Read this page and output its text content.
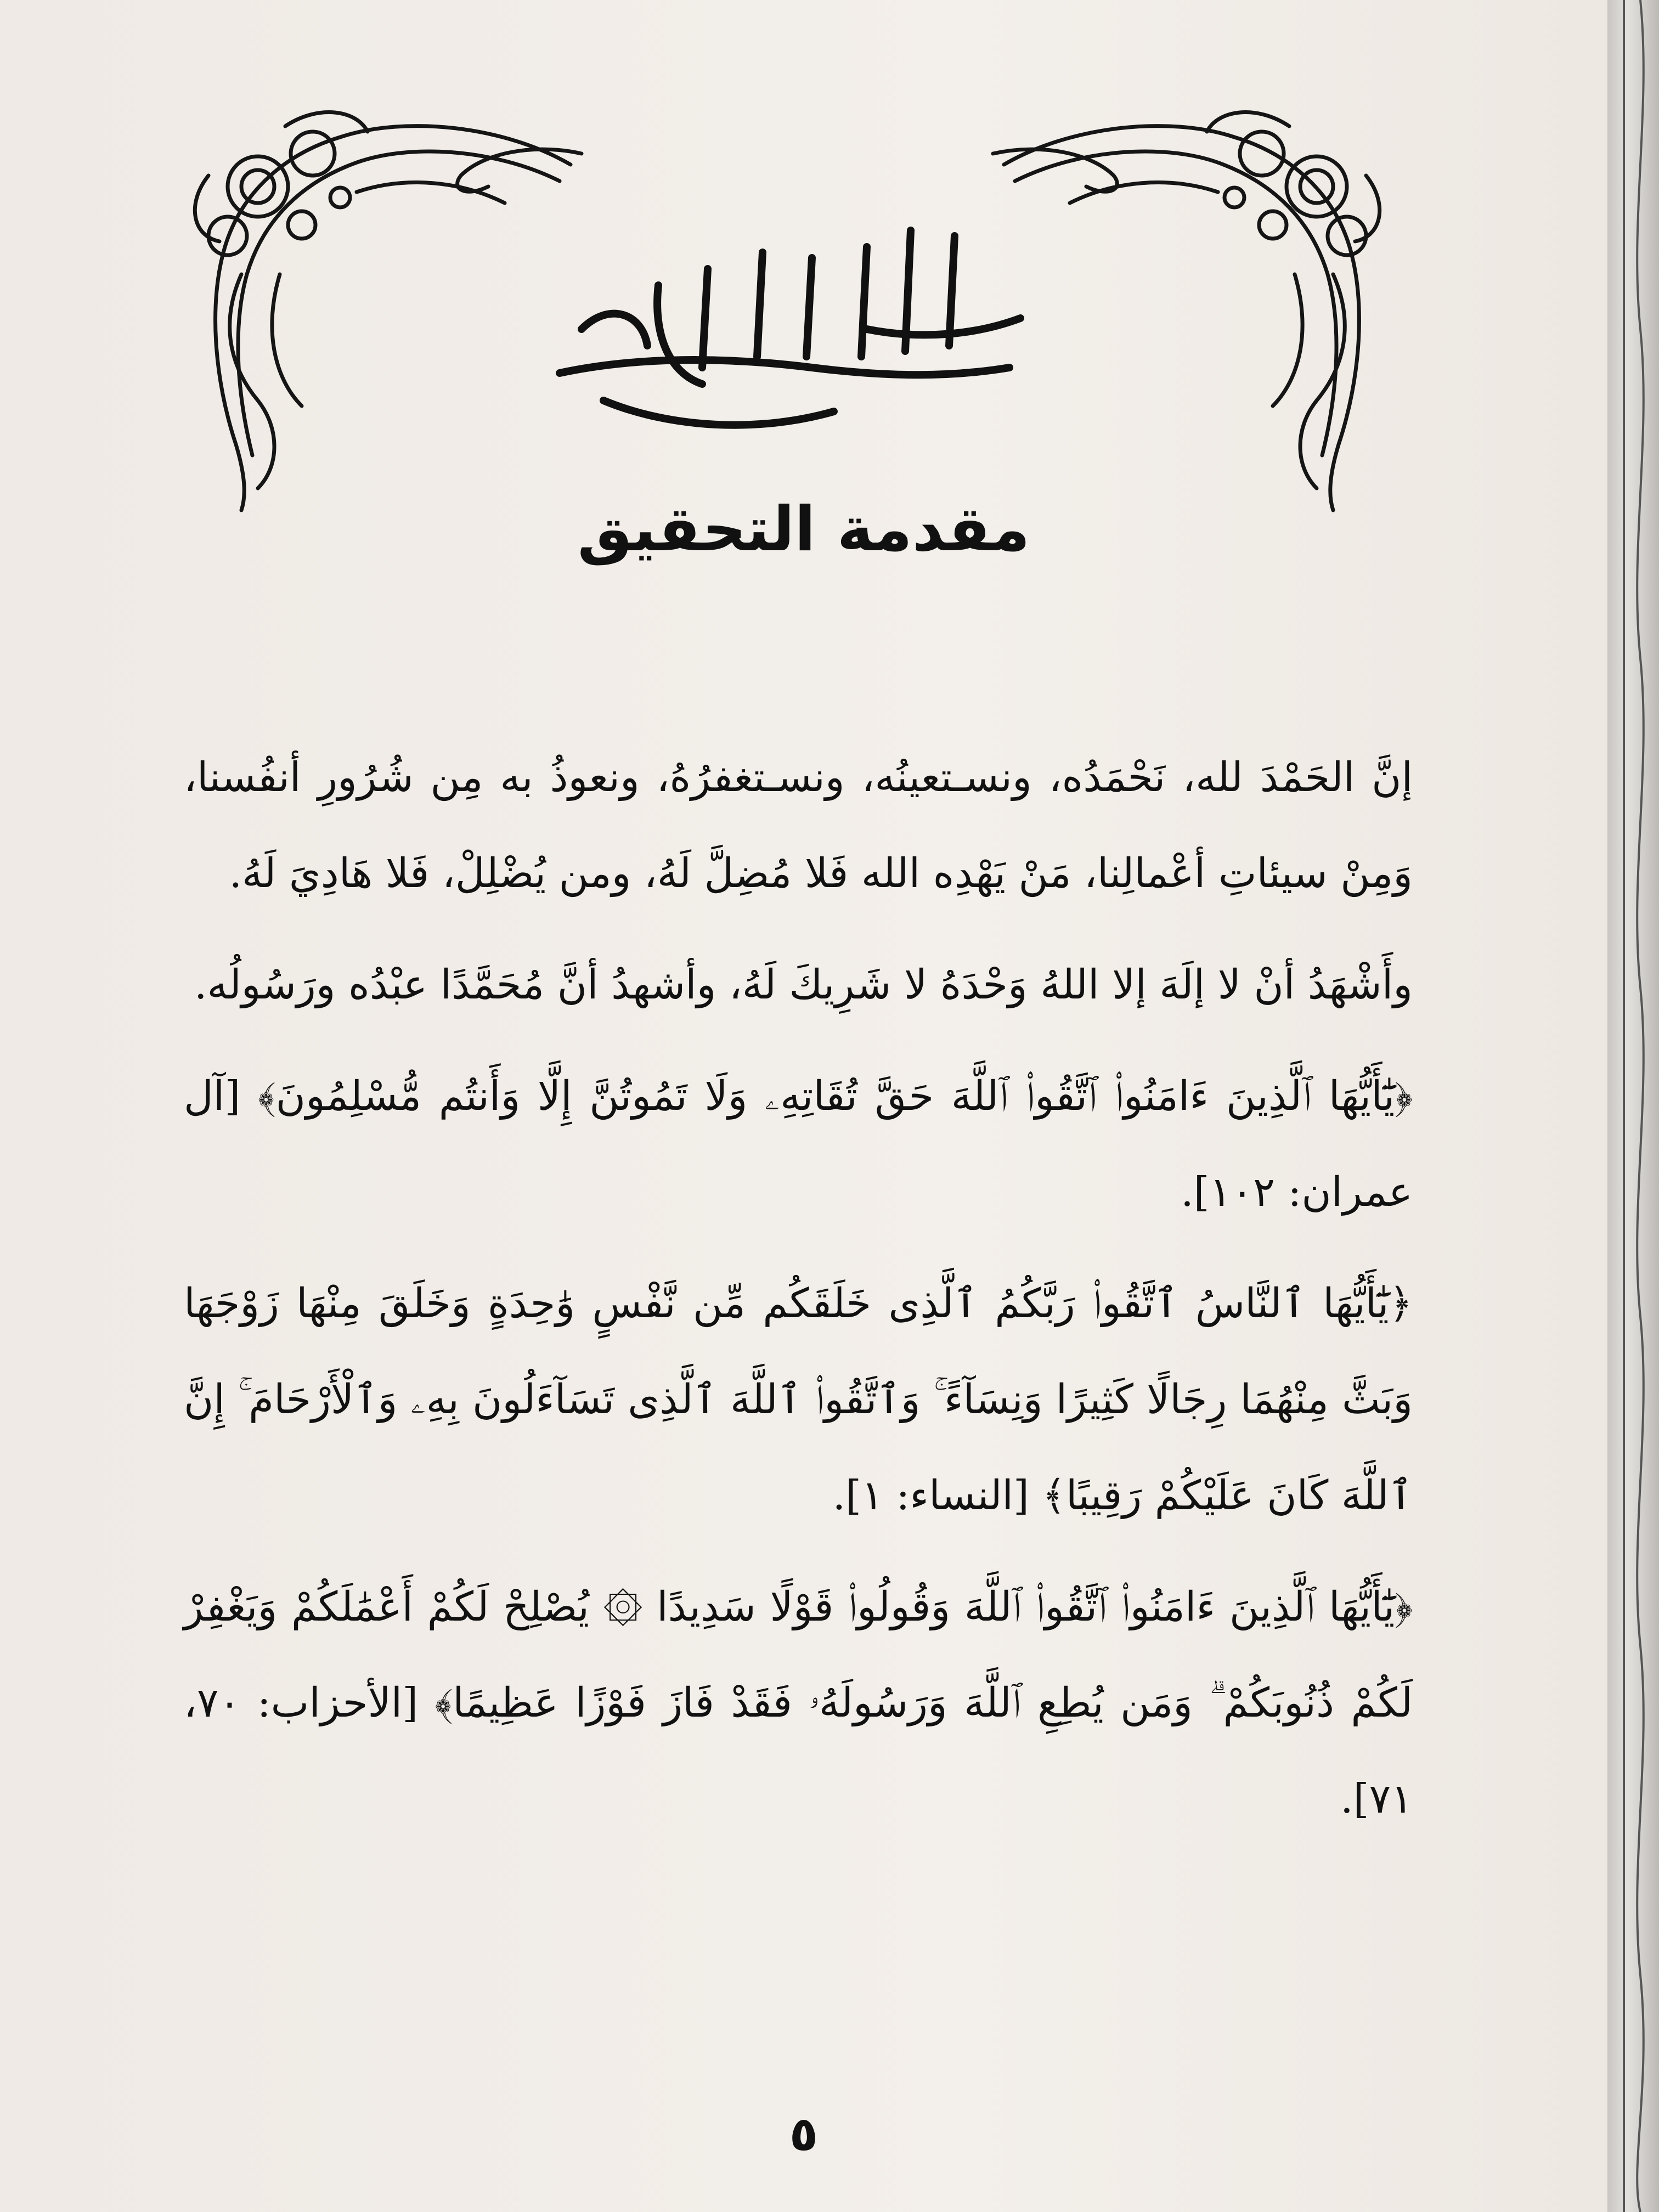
مقدمة التحقيق

إنَّ الحَمْدَ لله، نَحْمَدُه، ونسـتعينُه، ونسـتغفرُهُ، ونعوذُ به مِن شُرُورِ أنفُسنا، وَمِنْ سيئاتِ أعْمالِنا، مَنْ يَهْدِه الله فَلا مُضِلَّ لَهُ، ومن يُضْلِلْ، فَلا هَادِيَ لَهُ.

وأَشْهَدُ أنْ لا إلَهَ إلا اللهُ وَحْدَهُ لا شَرِيكَ لَهُ، وأشهدُ أنَّ مُحَمَّدًا عبْدُه ورَسُولُه.

﴿يَٰٓأَيُّهَا ٱلَّذِينَ ءَامَنُوا۟ ٱتَّقُوا۟ ٱللَّهَ حَقَّ تُقَاتِهِۦ وَلَا تَمُوتُنَّ إِلَّا وَأَنتُم مُّسْلِمُونَ﴾ [آل عمران: ١٠٢].

﴿يَٰٓأَيُّهَا ٱلنَّاسُ ٱتَّقُوا۟ رَبَّكُمُ ٱلَّذِى خَلَقَكُم مِّن نَّفْسٍ وَٰحِدَةٍ وَخَلَقَ مِنْهَا زَوْجَهَا وَبَثَّ مِنْهُمَا رِجَالًا كَثِيرًا وَنِسَآءً ۚ وَٱتَّقُوا۟ ٱللَّهَ ٱلَّذِى تَسَآءَلُونَ بِهِۦ وَٱلْأَرْحَامَ ۚ إِنَّ ٱللَّهَ كَانَ عَلَيْكُمْ رَقِيبًا﴾ [النساء: ١].

﴿يَٰٓأَيُّهَا ٱلَّذِينَ ءَامَنُوا۟ ٱتَّقُوا۟ ٱللَّهَ وَقُولُوا۟ قَوْلًا سَدِيدًا ۞ يُصْلِحْ لَكُمْ أَعْمَٰلَكُمْ وَيَغْفِرْ لَكُمْ ذُنُوبَكُمْ ۗ وَمَن يُطِعِ ٱللَّهَ وَرَسُولَهُۥ فَقَدْ فَازَ فَوْزًا عَظِيمًا﴾ [الأحزاب: ٧٠، ٧١].

٥
